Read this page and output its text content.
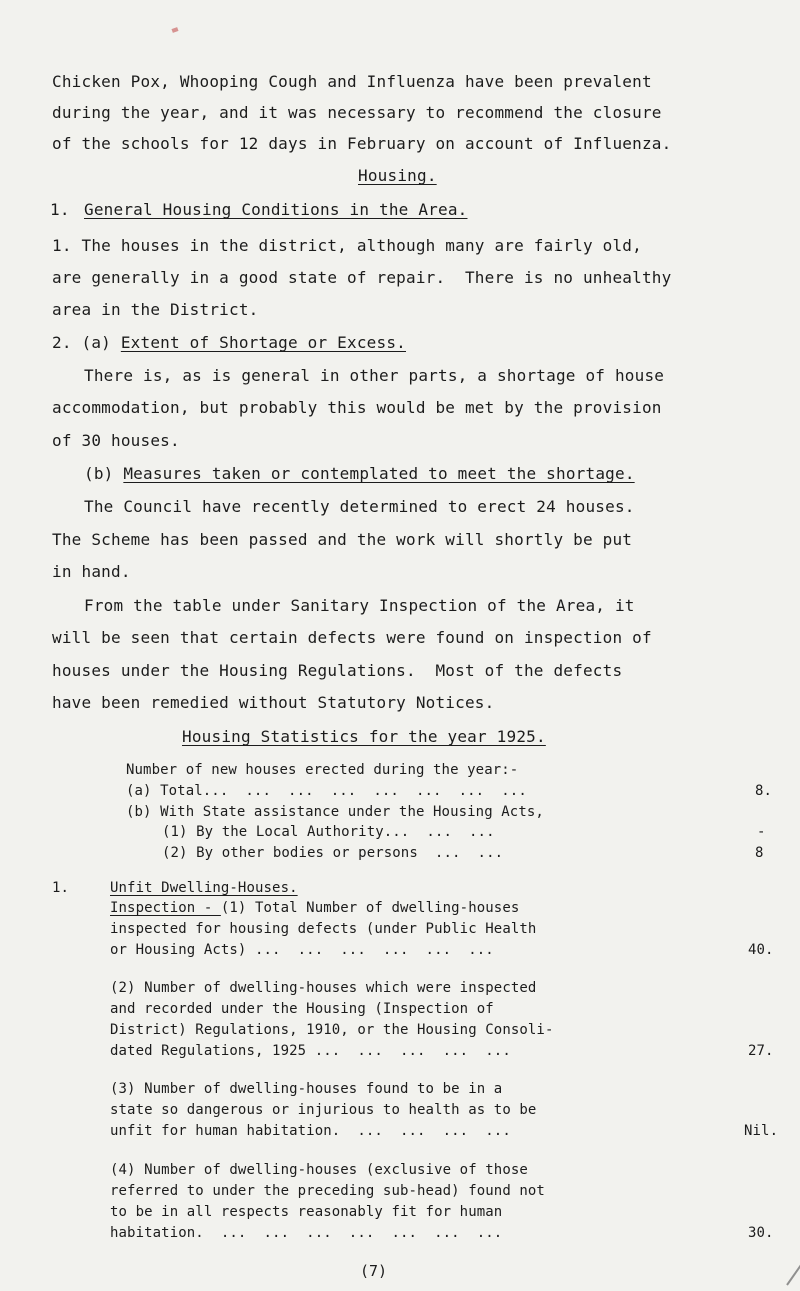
Chicken Pox, Whooping Cough and Influenza have been prevalent
during the year, and it was necessary to recommend the closure
of the schools for 12 days in February on account of Influenza.
Housing.
1. General Housing Conditions in the Area.
1. The houses in the district, although many are fairly old,
are generally in a good state of repair.  There is no unhealthy
area in the District.
2. (a) Extent of Shortage or Excess.
There is, as is general in other parts, a shortage of house
accommodation, but probably this would be met by the provision
of 30 houses.
(b) Measures taken or contemplated to meet the shortage.
The Council have recently determined to erect 24 houses.
The Scheme has been passed and the work will shortly be put
in hand.
From the table under Sanitary Inspection of the Area, it
will be seen that certain defects were found on inspection of
houses under the Housing Regulations.  Most of the defects
have been remedied without Statutory Notices.
Housing Statistics for the year 1925.
Number of new houses erected during the year:-
(a) Total...  ...  ...  ...  ...  ...  ...  ...	8.
(b) With State assistance under the Housing Acts,
(1) By the Local Authority...  ...  ...	-
(2) By other bodies or persons  ...  ...	8
1.	Unfit Dwelling-Houses.
Inspection - (1) Total Number of dwelling-houses
inspected for housing defects (under Public Health
or Housing Acts) ...  ...  ...  ...  ...  ...	40.
(2) Number of dwelling-houses which were inspected
and recorded under the Housing (Inspection of
District) Regulations, 1910, or the Housing Consoli-
dated Regulations, 1925 ...  ...  ...  ...  ...	27.
(3) Number of dwelling-houses found to be in a
state so dangerous or injurious to health as to be
unfit for human habitation.  ...  ...  ...  ...	Nil.
(4) Number of dwelling-houses (exclusive of those
referred to under the preceding sub-head) found not
to be in all respects reasonably fit for human
habitation.  ...  ...  ...  ...  ...  ...  ...	30.
(7)
